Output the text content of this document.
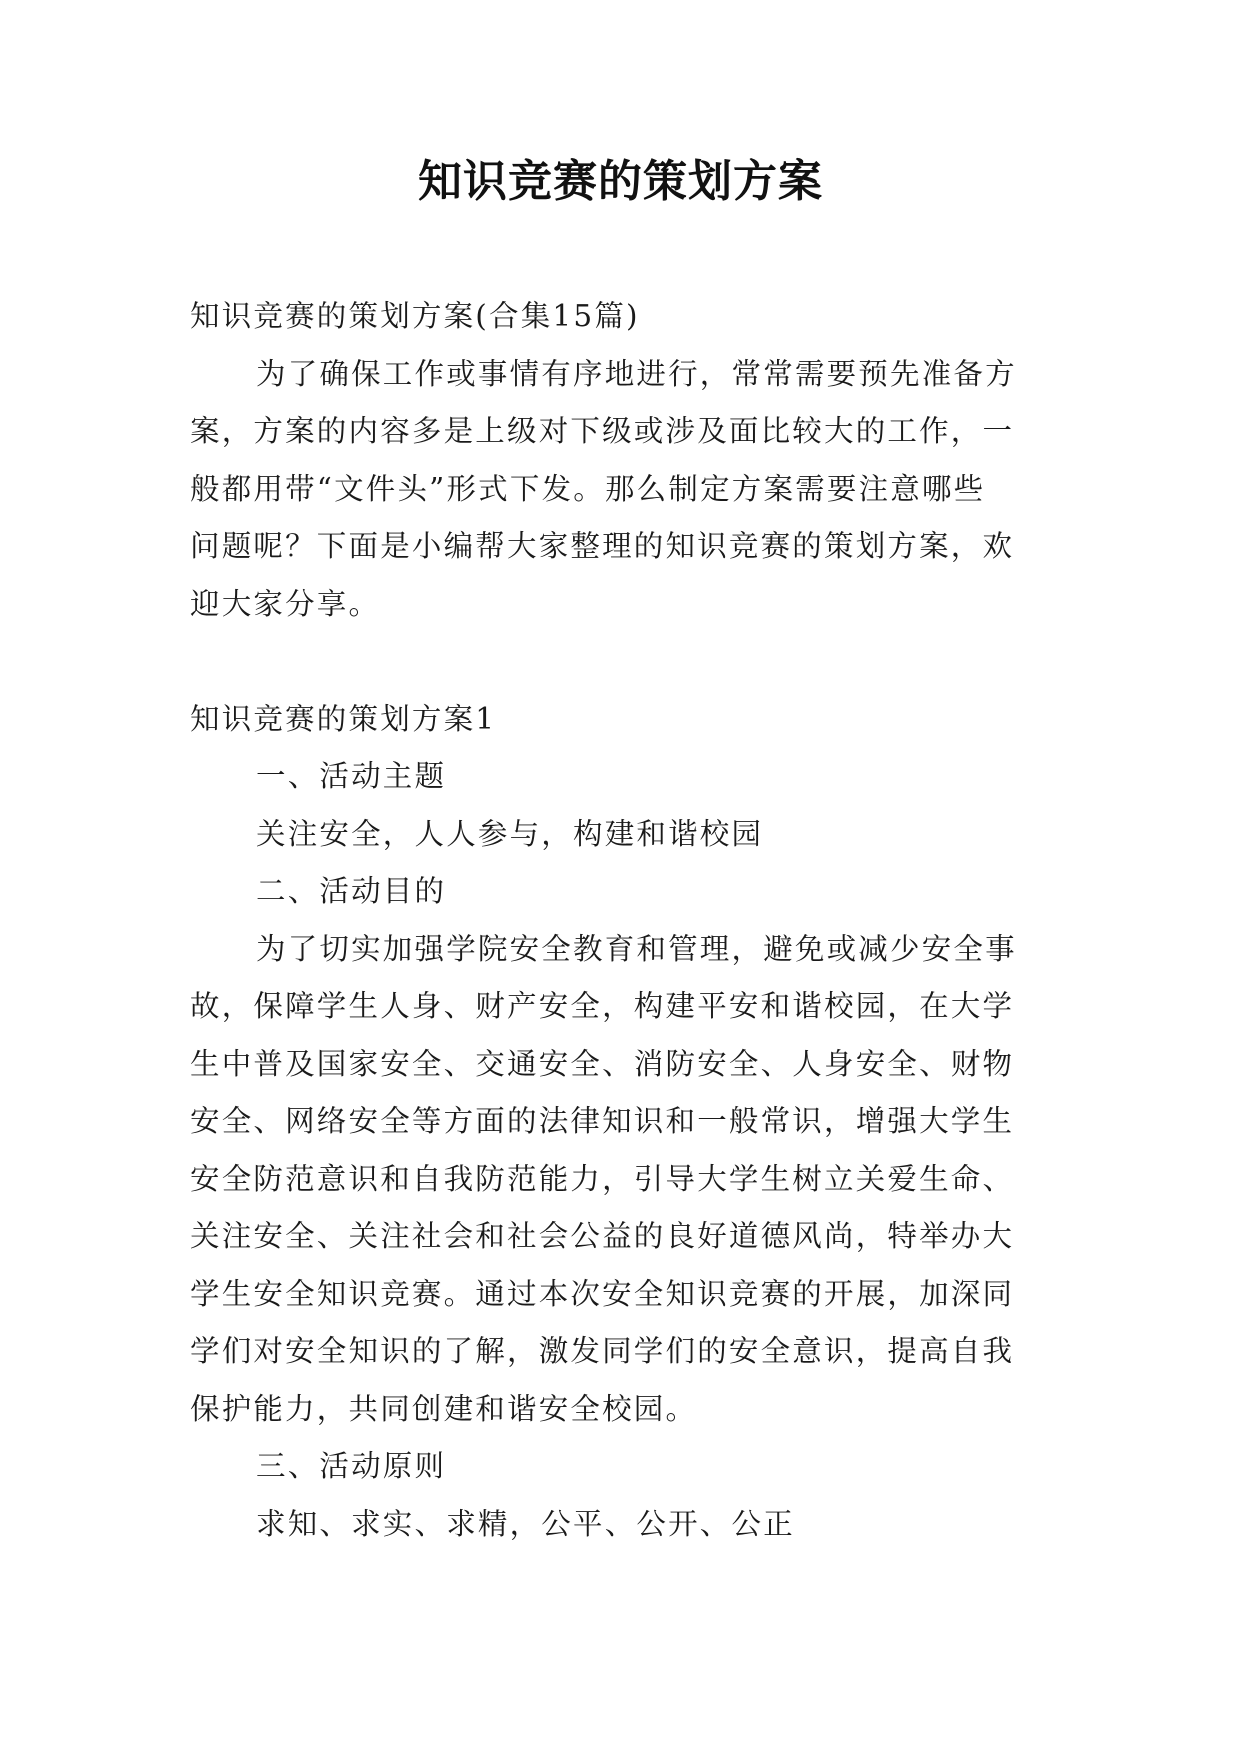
知识竞赛的策划方案

知识竞赛的策划方案(合集15篇)

为了确保工作或事情有序地进行，常常需要预先准备方

案，方案的内容多是上级对下级或涉及面比较大的工作，一

般都用带“文件头”形式下发。那么制定方案需要注意哪些

问题呢？下面是小编帮大家整理的知识竞赛的策划方案，欢

迎大家分享。

知识竞赛的策划方案1

一、活动主题

关注安全，人人参与，构建和谐校园

二、活动目的

为了切实加强学院安全教育和管理，避免或减少安全事

故，保障学生人身、财产安全，构建平安和谐校园，在大学

生中普及国家安全、交通安全、消防安全、人身安全、财物

安全、网络安全等方面的法律知识和一般常识，增强大学生

安全防范意识和自我防范能力，引导大学生树立关爱生命、

关注安全、关注社会和社会公益的良好道德风尚，特举办大

学生安全知识竞赛。通过本次安全知识竞赛的开展，加深同

学们对安全知识的了解，激发同学们的安全意识，提高自我

保护能力，共同创建和谐安全校园。

三、活动原则

求知、求实、求精，公平、公开、公正
